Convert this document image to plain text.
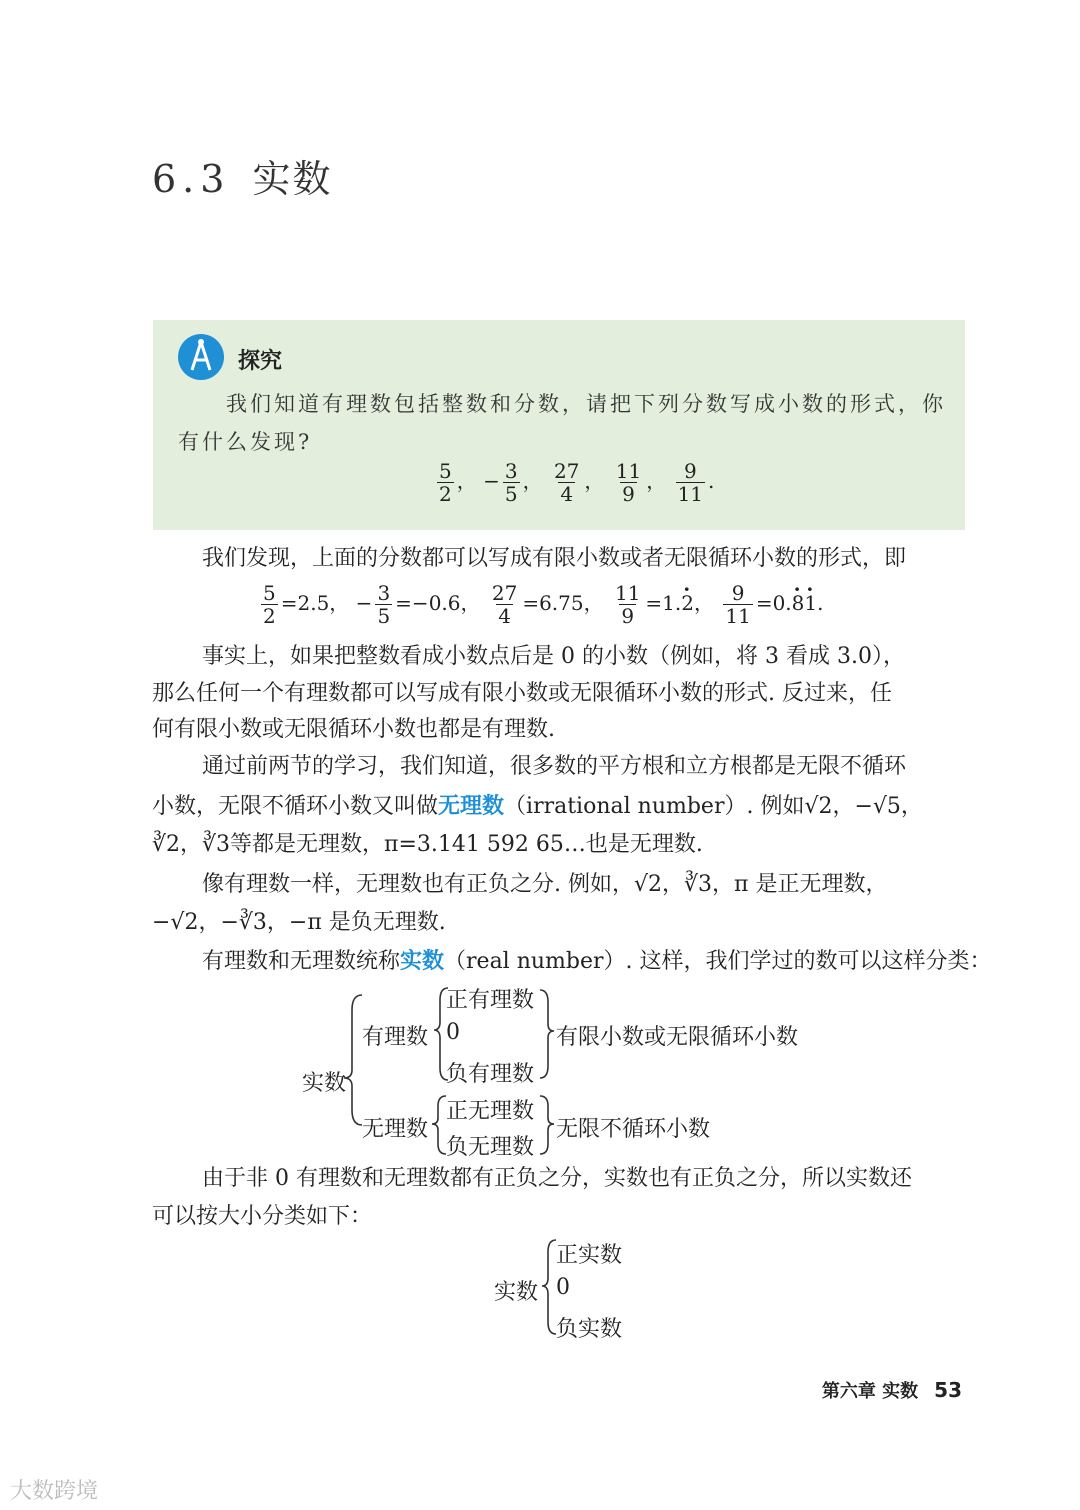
6.3 实数
探究
我们知道有理数包括整数和分数，请把下列分数写成小数的形式，你
有什么发现?
$\frac{5}{2}$ ， − $\frac{3}{5}$ ， $\frac{27}{4}$ ， $\frac{11}{9}$ ， $\frac{9}{11}$ .
我们发现，上面的分数都可以写成有限小数或者无限循环小数的形式，即
$\frac{5}{2} =2.5$， − $\frac{3}{5} =-0.6$， $\frac{27}{4} =6.75$， $\frac{11}{9} =1.\cdot 2$， $\frac{9}{11} =0.\cdot 8\cdot 1$.
事实上，如果把整数看成小数点后是 0 的小数（例如，将 3 看成 3.0），
那么任何一个有理数都可以写成有限小数或无限循环小数的形式. 反过来，任
何有限小数或无限循环小数也都是有理数.
通过前两节的学习，我们知道，很多数的平方根和立方根都是无限不循环
小数，无限不循环小数又叫做无理数（irrational number）. 例如√2，−√5，
∛2，∛3等都是无理数，π=3.141 592 65…也是无理数.
像有理数一样，无理数也有正负之分. 例如，√2，∛3，π 是正无理数，
−√2，−∛3，−π 是负无理数.
有理数和无理数统称实数（real number）. 这样，我们学过的数可以这样分类：
实数
有理数
正有理数
0
负有理数
有限小数或无限循环小数
无理数
正无理数
负无理数
无限不循环小数
由于非 0 有理数和无理数都有正负之分，实数也有正负之分，所以实数还
可以按大小分类如下：
实数
正实数
0
负实数
第六章 实数 53
大数跨境
